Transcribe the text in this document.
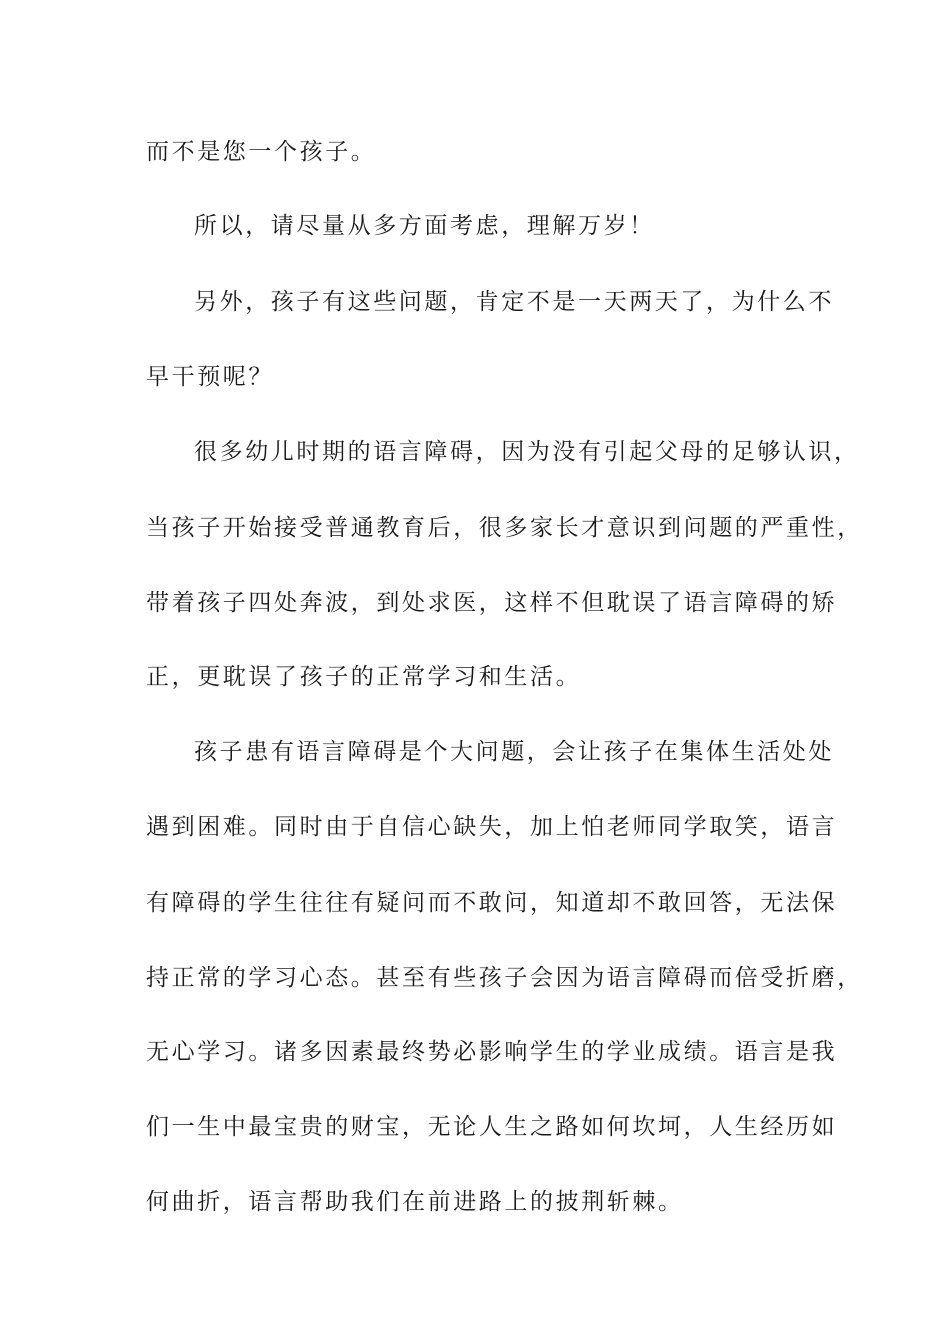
而不是您一个孩子。
所以，请尽量从多方面考虑，理解万岁！
另外，孩子有这些问题，肯定不是一天两天了，为什么不
早干预呢？
很多幼儿时期的语言障碍，因为没有引起父母的足够认识，
当孩子开始接受普通教育后，很多家长才意识到问题的严重性，
带着孩子四处奔波，到处求医，这样不但耽误了语言障碍的矫
正，更耽误了孩子的正常学习和生活。
孩子患有语言障碍是个大问题，会让孩子在集体生活处处
遇到困难。同时由于自信心缺失，加上怕老师同学取笑，语言
有障碍的学生往往有疑问而不敢问，知道却不敢回答，无法保
持正常的学习心态。甚至有些孩子会因为语言障碍而倍受折磨，
无心学习。诸多因素最终势必影响学生的学业成绩。语言是我
们一生中最宝贵的财宝，无论人生之路如何坎坷，人生经历如
何曲折，语言帮助我们在前进路上的披荆斩棘。
